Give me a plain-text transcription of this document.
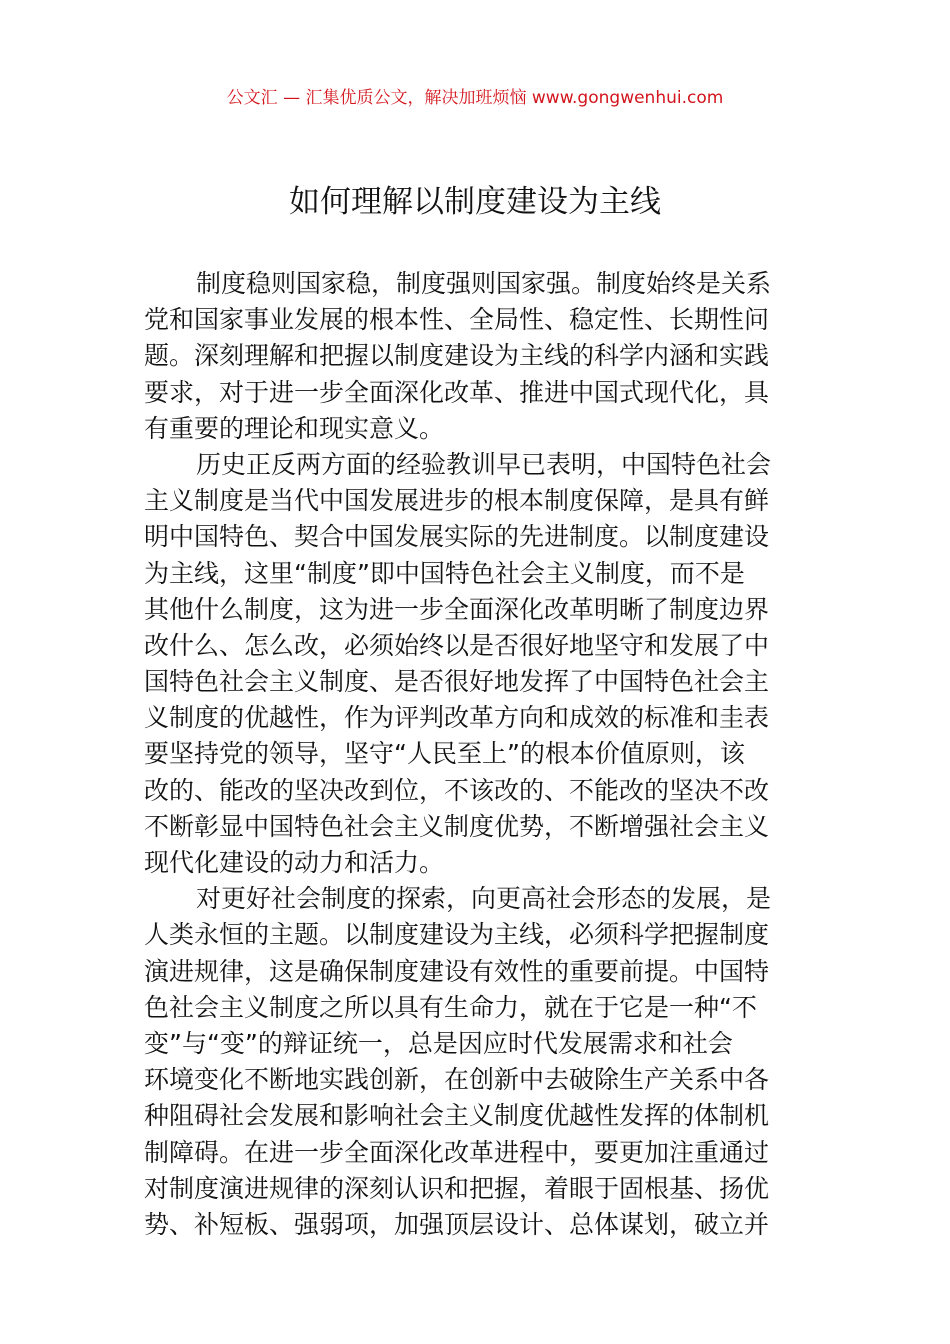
公文汇 — 汇集优质公文，解决加班烦恼 www.gongwenhui.com
如何理解以制度建设为主线
制度稳则国家稳，制度强则国家强。制度始终是关系
党和国家事业发展的根本性、全局性、稳定性、长期性问
题。深刻理解和把握以制度建设为主线的科学内涵和实践
要求，对于进一步全面深化改革、推进中国式现代化，具
有重要的理论和现实意义。
历史正反两方面的经验教训早已表明，中国特色社会
主义制度是当代中国发展进步的根本制度保障，是具有鲜
明中国特色、契合中国发展实际的先进制度。以制度建设
为主线，这里“制度”即中国特色社会主义制度，而不是
其他什么制度，这为进一步全面深化改革明晰了制度边界
改什么、怎么改，必须始终以是否很好地坚守和发展了中
国特色社会主义制度、是否很好地发挥了中国特色社会主
义制度的优越性，作为评判改革方向和成效的标准和圭表
要坚持党的领导，坚守“人民至上”的根本价值原则，该
改的、能改的坚决改到位，不该改的、不能改的坚决不改
不断彰显中国特色社会主义制度优势，不断增强社会主义
现代化建设的动力和活力。
对更好社会制度的探索，向更高社会形态的发展，是
人类永恒的主题。以制度建设为主线，必须科学把握制度
演进规律，这是确保制度建设有效性的重要前提。中国特
色社会主义制度之所以具有生命力，就在于它是一种“不
变”与“变”的辩证统一，总是因应时代发展需求和社会
环境变化不断地实践创新，在创新中去破除生产关系中各
种阻碍社会发展和影响社会主义制度优越性发挥的体制机
制障碍。在进一步全面深化改革进程中，要更加注重通过
对制度演进规律的深刻认识和把握，着眼于固根基、扬优
势、补短板、强弱项，加强顶层设计、总体谋划，破立并
